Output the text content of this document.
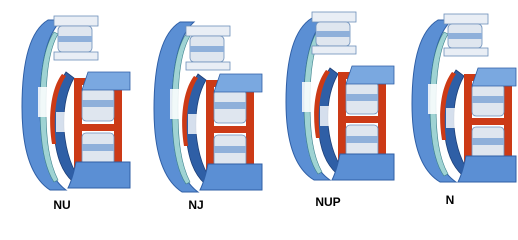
NU	NJ	NUP	N
